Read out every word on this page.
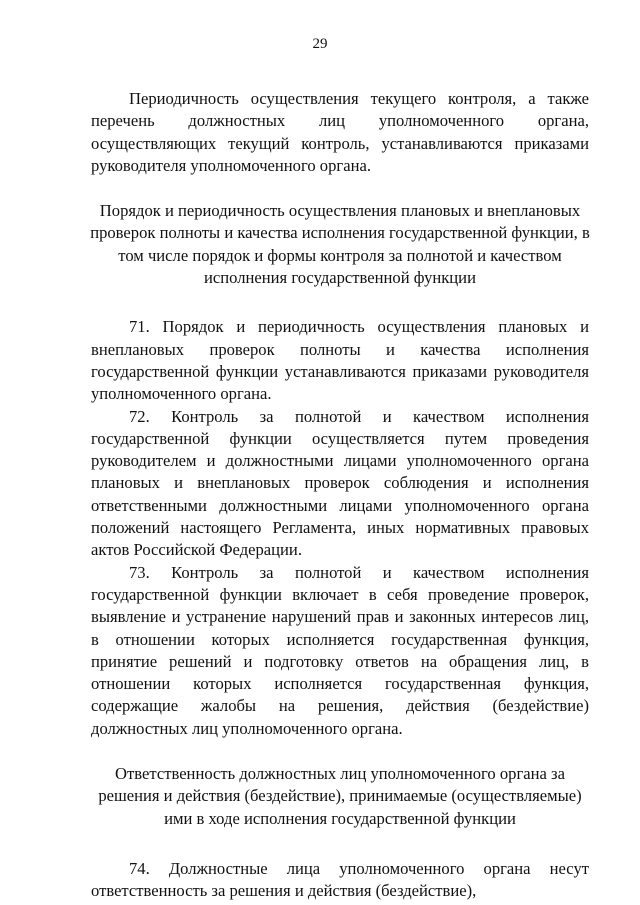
29

Периодичность осуществления текущего контроля, а также перечень должностных лиц уполномоченного органа, осуществляющих текущий контроль, устанавливаются приказами руководителя уполномоченного органа.

Порядок и периодичность осуществления плановых и внеплановых проверок полноты и качества исполнения государственной функции, в том числе порядок и формы контроля за полнотой и качеством исполнения государственной функции

71. Порядок и периодичность осуществления плановых и внеплановых проверок полноты и качества исполнения государственной функции устанавливаются приказами руководителя уполномоченного органа.

72. Контроль за полнотой и качеством исполнения государственной функции осуществляется путем проведения руководителем и должностными лицами уполномоченного органа плановых и внеплановых проверок соблюдения и исполнения ответственными должностными лицами уполномоченного органа положений настоящего Регламента, иных нормативных правовых актов Российской Федерации.

73. Контроль за полнотой и качеством исполнения государственной функции включает в себя проведение проверок, выявление и устранение нарушений прав и законных интересов лиц, в отношении которых исполняется государственная функция, принятие решений и подготовку ответов на обращения лиц, в отношении которых исполняется государственная функция, содержащие жалобы на решения, действия (бездействие) должностных лиц уполномоченного органа.

Ответственность должностных лиц уполномоченного органа за решения и действия (бездействие), принимаемые (осуществляемые) ими в ходе исполнения государственной функции

74. Должностные лица уполномоченного органа несут ответственность за решения и действия (бездействие),
